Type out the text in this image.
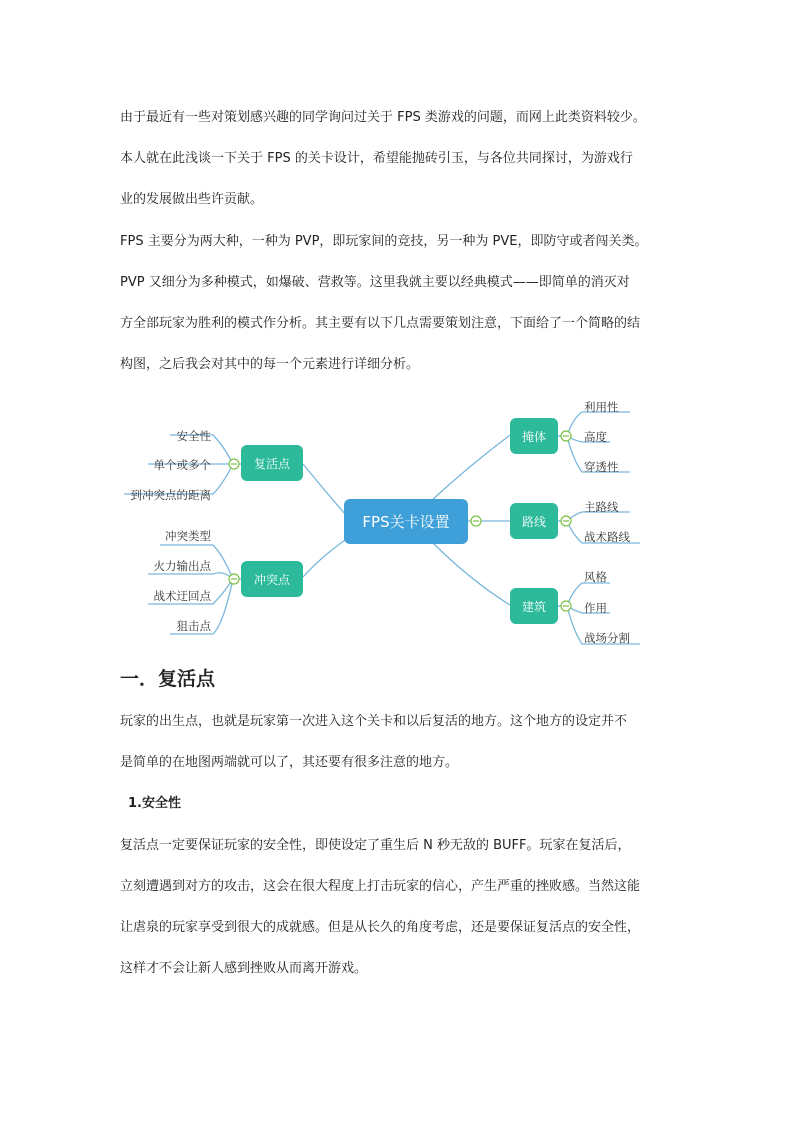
由于最近有一些对策划感兴趣的同学询问过关于 FPS 类游戏的问题，而网上此类资料较少。
本人就在此浅谈一下关于 FPS 的关卡设计，希望能抛砖引玉，与各位共同探讨，为游戏行
业的发展做出些许贡献。
FPS 主要分为两大种，一种为 PVP，即玩家间的竞技，另一种为 PVE，即防守或者闯关类。
PVP 又细分为多种模式，如爆破、营救等。这里我就主要以经典模式——即简单的消灭对
方全部玩家为胜利的模式作分析。其主要有以下几点需要策划注意，下面给了一个简略的结
构图，之后我会对其中的每一个元素进行详细分析。
FPS关卡设置
复活点
冲突点
掩体
路线
建筑
安全性
单个或多个
到冲突点的距离
冲突类型
火力输出点
战术迂回点
狙击点
利用性
高度
穿透性
主路线
战术路线
风格
作用
战场分割
一．复活点
玩家的出生点，也就是玩家第一次进入这个关卡和以后复活的地方。这个地方的设定并不
是简单的在地图两端就可以了，其还要有很多注意的地方。
1.安全性
复活点一定要保证玩家的安全性，即使设定了重生后 N 秒无敌的 BUFF。玩家在复活后，
立刻遭遇到对方的攻击，这会在很大程度上打击玩家的信心，产生严重的挫败感。当然这能
让虐泉的玩家享受到很大的成就感。但是从长久的角度考虑，还是要保证复活点的安全性，
这样才不会让新人感到挫败从而离开游戏。
